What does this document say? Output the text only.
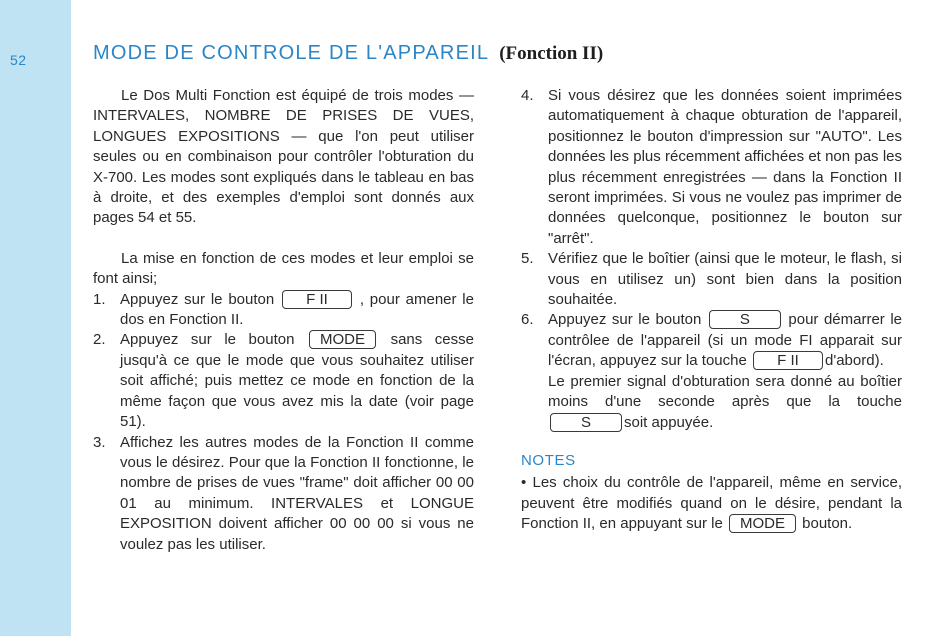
52	MODE DE CONTROLE DE L'APPAREIL (Fonction II)

Le Dos Multi Fonction est équipé de trois modes — INTERVALES, NOMBRE DE PRISES DE VUES, LONGUES EXPOSITIONS — que l'on peut utiliser seules ou en combinaison pour contrôler l'obturation du X-700. Les modes sont expliqués dans le tableau en bas à droite, et des exemples d'emploi sont donnés aux pages 54 et 55.

La mise en fonction de ces modes et leur emploi se font ainsi;

1. Appuyez sur le bouton F II , pour amener le dos en Fonction II.
2. Appuyez sur le bouton MODE sans cesse jusqu'à ce que le mode que vous souhaitez utiliser soit affiché; puis mettez ce mode en fonction de la même façon que vous avez mis la date (voir page 51).
3. Affichez les autres modes de la Fonction II comme vous le désirez. Pour que la Fonction II fonctionne, le nombre de prises de vues "frame" doit afficher 00 00 01 au minimum. INTERVALES et LONGUE EXPOSITION doivent afficher 00 00 00 si vous ne voulez pas les utiliser.
4. Si vous désirez que les données soient imprimées automatiquement à chaque obturation de l'appareil, positionnez le bouton d'impression sur "AUTO". Les données les plus récemment affichées et non pas les plus récemment enregistrées — dans la Fonction II seront imprimées. Si vous ne voulez pas imprimer de données quelconque, positionnez le bouton sur "arrêt".
5. Vérifiez que le boîtier (ainsi que le moteur, le flash, si vous en utilisez un) sont bien dans la position souhaitée.
6. Appuyez sur le bouton	S	pour démarrer le contrôlee de l'appareil (si un mode FI apparait sur l'écran, appuyez sur la touche F II d'abord).
Le premier signal d'obturation sera donné au boîtier moins d'une seconde après que la touche S soit appuyée.
NOTES

• Les choix du contrôle de l'appareil, même en service, peuvent être modifiés quand on le désire, pendant la Fonction II, en appuyant sur le MODE bouton.
